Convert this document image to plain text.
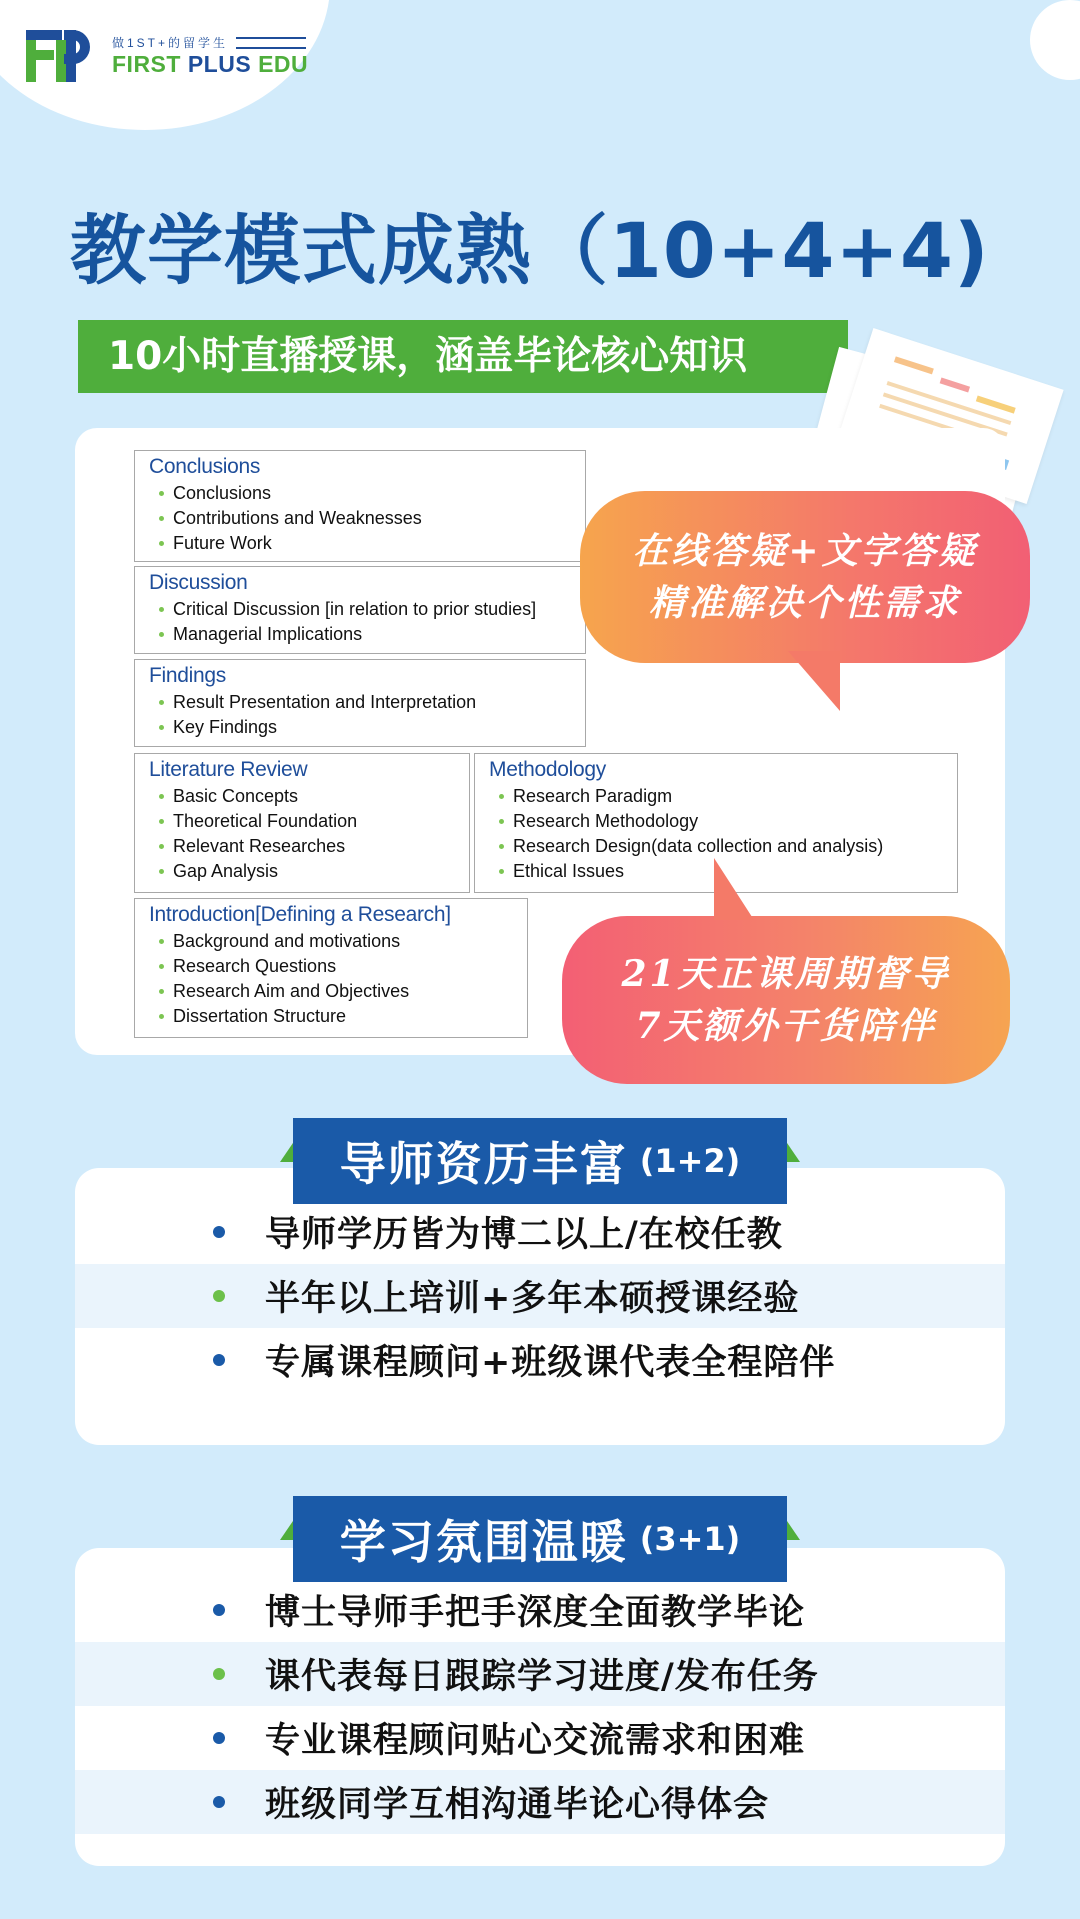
做1ST+的留学生
FIRST PLUS EDU
教学模式成熟（10+4+4)
10小时直播授课，涵盖毕论核心知识
Conclusions
Conclusions
Contributions and Weaknesses
Future Work
Discussion
Critical Discussion [in relation to prior studies]
Managerial Implications
Findings
Result Presentation and Interpretation
Key Findings
Literature Review
Basic Concepts
Theoretical Foundation
Relevant Researches
Gap Analysis
Methodology
Research Paradigm
Research Methodology
Research Design(data collection and analysis)
Ethical Issues
Introduction[Defining a Research]
Background and motivations
Research Questions
Research Aim and Objectives
Dissertation Structure
在线答疑+文字答疑
精准解决个性需求
21天正课周期督导
7天额外干货陪伴
导师学历皆为博二以上/在校任教
半年以上培训+多年本硕授课经验
专属课程顾问+班级课代表全程陪伴
导师资历丰富 (1+2)
博士导师手把手深度全面教学毕论
课代表每日跟踪学习进度/发布任务
专业课程顾问贴心交流需求和困难
班级同学互相沟通毕论心得体会
学习氛围温暖 (3+1)
